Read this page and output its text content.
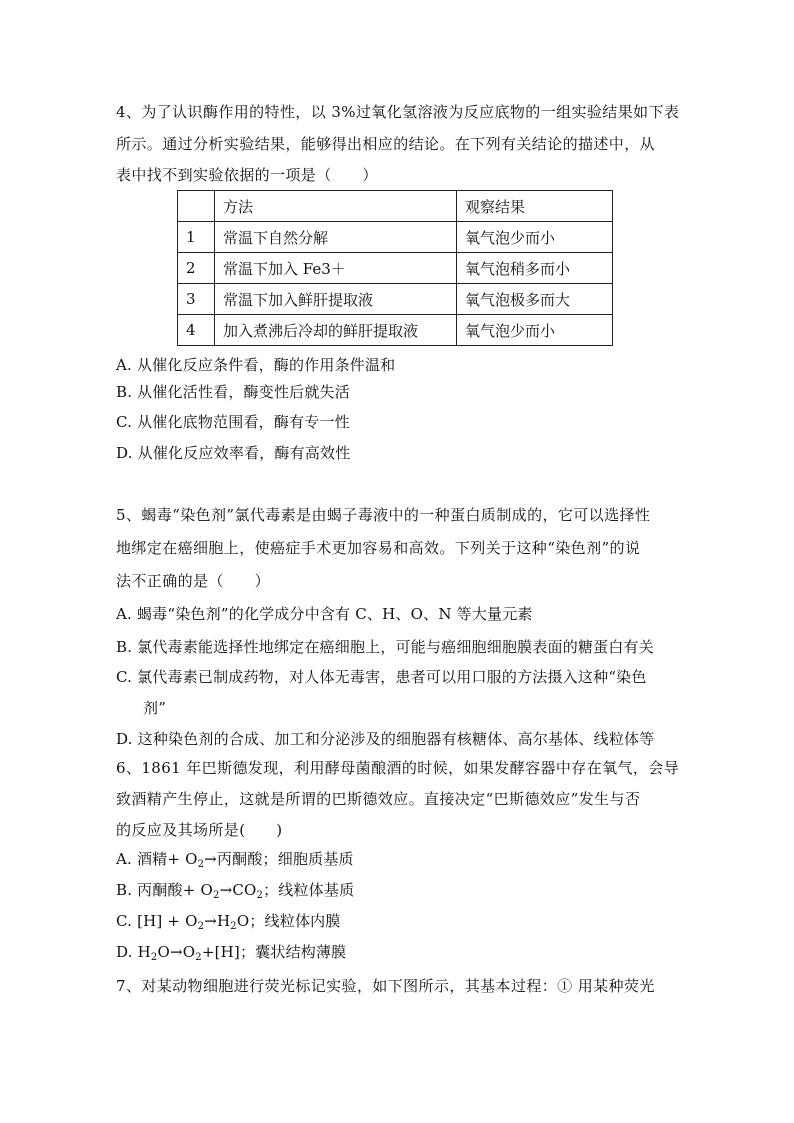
4、为了认识酶作用的特性，以 3%过氧化氢溶液为反应底物的一组实验结果如下表
所示。通过分析实验结果，能够得出相应的结论。在下列有关结论的描述中，从
表中找不到实验依据的一项是（　　）
	方法	观察结果
1	常温下自然分解	氧气泡少而小
2	常温下加入 Fe3＋	氧气泡稍多而小
3	常温下加入鲜肝提取液	氧气泡极多而大
4	加入煮沸后冷却的鲜肝提取液	氧气泡少而小
A. 从催化反应条件看，酶的作用条件温和
B. 从催化活性看，酶变性后就失活
C. 从催化底物范围看，酶有专一性
D. 从催化反应效率看，酶有高效性
5、蝎毒“染色剂”氯代毒素是由蝎子毒液中的一种蛋白质制成的，它可以选择性
地绑定在癌细胞上，使癌症手术更加容易和高效。下列关于这种“染色剂”的说
法不正确的是（　　）
A. 蝎毒“染色剂”的化学成分中含有 C、H、O、N 等大量元素
B. 氯代毒素能选择性地绑定在癌细胞上，可能与癌细胞细胞膜表面的糖蛋白有关
C. 氯代毒素已制成药物，对人体无毒害，患者可以用口服的方法摄入这种“染色
剂”
D. 这种染色剂的合成、加工和分泌涉及的细胞器有核糖体、高尔基体、线粒体等
6、1861 年巴斯德发现，利用酵母菌酿酒的时候，如果发酵容器中存在氧气，会导
致酒精产生停止，这就是所谓的巴斯德效应。直接决定“巴斯德效应”发生与否
的反应及其场所是(　　)
A. 酒精+ $O_2\to$丙酮酸；细胞质基质
B. 丙酮酸+ $O_2\to CO_2$；线粒体基质
C. $[H] + O_2\to H_2O$；线粒体内膜
D. $H_2O\to O_2+[H]$；囊状结构薄膜
7、对某动物细胞进行荧光标记实验，如下图所示，其基本过程：① 用某种荧光
